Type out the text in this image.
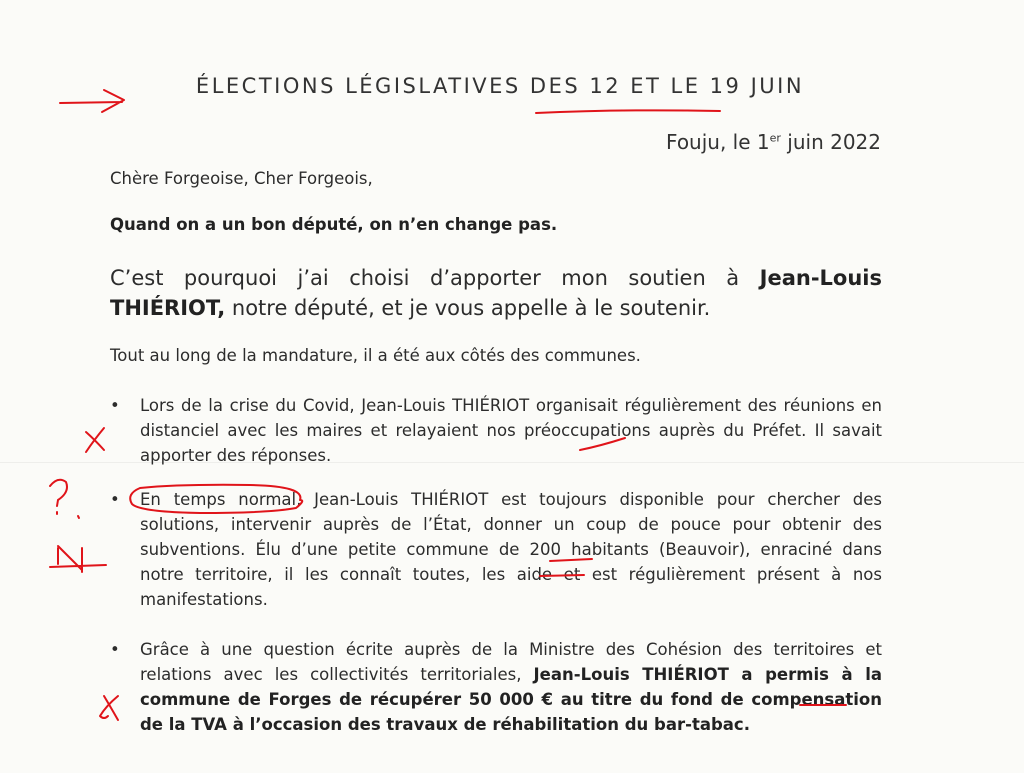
ÉLECTIONS LÉGISLATIVES DES 12 ET LE 19 JUIN
Fouju, le 1er juin 2022
Chère Forgeoise, Cher Forgeois,
Quand on a un bon député, on n’en change pas.
C’est pourquoi j’ai choisi d’apporter mon soutien à Jean-Louis THIÉRIOT, notre député, et je vous appelle à le soutenir.
Tout au long de la mandature, il a été aux côtés des communes.
•	Lors de la crise du Covid, Jean-Louis THIÉRIOT organisait régulièrement des réunions en distanciel avec les maires et relayaient nos préoccupations auprès du Préfet. Il savait apporter des réponses.
•	En temps normal, Jean-Louis THIÉRIOT est toujours disponible pour chercher des solutions, intervenir auprès de l’État, donner un coup de pouce pour obtenir des subventions. Élu d’une petite commune de 200 habitants (Beauvoir), enraciné dans notre territoire, il les connaît toutes, les aide et est régulièrement présent à nos manifestations.
•	Grâce à une question écrite auprès de la Ministre des Cohésion des territoires et relations avec les collectivités territoriales, Jean-Louis THIÉRIOT a permis à la commune de Forges de récupérer 50 000 € au titre du fond de compensation de la TVA à l’occasion des travaux de réhabilitation du bar-tabac.
